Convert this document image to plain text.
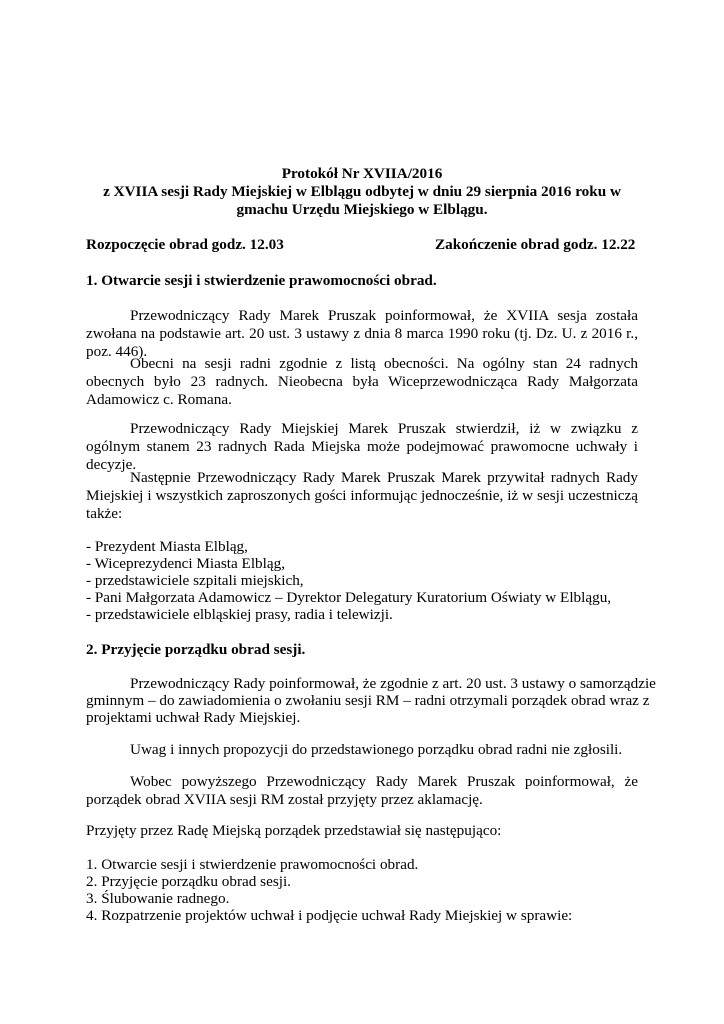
Protokół Nr XVIIA/2016
z XVIIA sesji Rady Miejskiej w Elblągu odbytej w dniu 29 sierpnia 2016 roku w
gmachu Urzędu Miejskiego w Elblągu.
Rozpoczęcie obrad godz. 12.03	Zakończenie obrad godz. 12.22
1. Otwarcie sesji i stwierdzenie prawomocności obrad.
Przewodniczący Rady Marek Pruszak poinformował, że XVIIA sesja została zwołana na podstawie art. 20 ust. 3 ustawy z dnia 8 marca 1990 roku (tj. Dz. U. z 2016 r., poz. 446).
Obecni na sesji radni zgodnie z listą obecności. Na ogólny stan 24 radnych obecnych było 23 radnych. Nieobecna była Wiceprzewodnicząca Rady Małgorzata Adamowicz c. Romana.
Przewodniczący Rady Miejskiej Marek Pruszak stwierdził, iż w związku z ogólnym stanem 23 radnych Rada Miejska może podejmować prawomocne uchwały i decyzje.
Następnie Przewodniczący Rady Marek Pruszak Marek przywitał radnych Rady Miejskiej i wszystkich zaproszonych gości informując jednocześnie, iż w sesji uczestniczą także:
- Prezydent Miasta Elbląg,
- Wiceprezydenci Miasta Elbląg,
- przedstawiciele szpitali miejskich,
- Pani Małgorzata Adamowicz – Dyrektor Delegatury Kuratorium Oświaty w Elblągu,
- przedstawiciele elbląskiej prasy, radia i telewizji.
2. Przyjęcie porządku obrad sesji.
Przewodniczący Rady poinformował, że zgodnie z art. 20 ust. 3 ustawy o samorządzie
gminnym – do zawiadomienia o zwołaniu sesji RM – radni otrzymali porządek obrad wraz z
projektami uchwał Rady Miejskiej.
Uwag i innych propozycji do przedstawionego porządku obrad radni nie zgłosili.
Wobec powyższego Przewodniczący Rady Marek Pruszak poinformował, że porządek obrad XVIIA sesji RM został przyjęty przez aklamację.
Przyjęty przez Radę Miejską porządek przedstawiał się następująco:
1. Otwarcie sesji i stwierdzenie prawomocności obrad.
2. Przyjęcie porządku obrad sesji.
3. Ślubowanie radnego.
4. Rozpatrzenie projektów uchwał i podjęcie uchwał Rady Miejskiej w sprawie:
